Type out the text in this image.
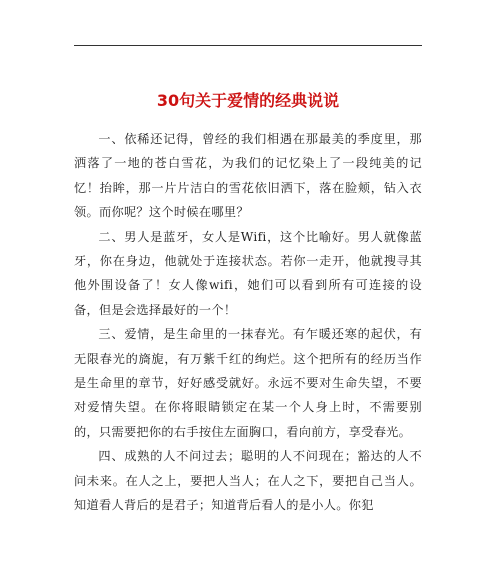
30句关于爱情的经典说说

一、依稀还记得，曾经的我们相遇在那最美的季度里，那洒落了一地的苍白雪花，为我们的记忆染上了一段纯美的记忆！抬眸，那一片片洁白的雪花依旧洒下，落在脸颊，钻入衣领。而你呢？这个时候在哪里？

二、男人是蓝牙，女人是Wifi，这个比喻好。男人就像蓝牙，你在身边，他就处于连接状态。若你一走开，他就搜寻其他外围设备了！女人像wifi，她们可以看到所有可连接的设备，但是会选择最好的一个！

三、爱情，是生命里的一抹春光。有乍暖还寒的起伏，有无限春光的旖旎，有万紫千红的绚烂。这个把所有的经历当作是生命里的章节，好好感受就好。永远不要对生命失望，不要对爱情失望。在你将眼睛锁定在某一个人身上时，不需要别的，只需要把你的右手按住左面胸口，看向前方，享受春光。

四、成熟的人不问过去；聪明的人不问现在；豁达的人不问未来。在人之上，要把人当人；在人之下，要把自己当人。知道看人背后的是君子；知道背后看人的是小人。你犯
